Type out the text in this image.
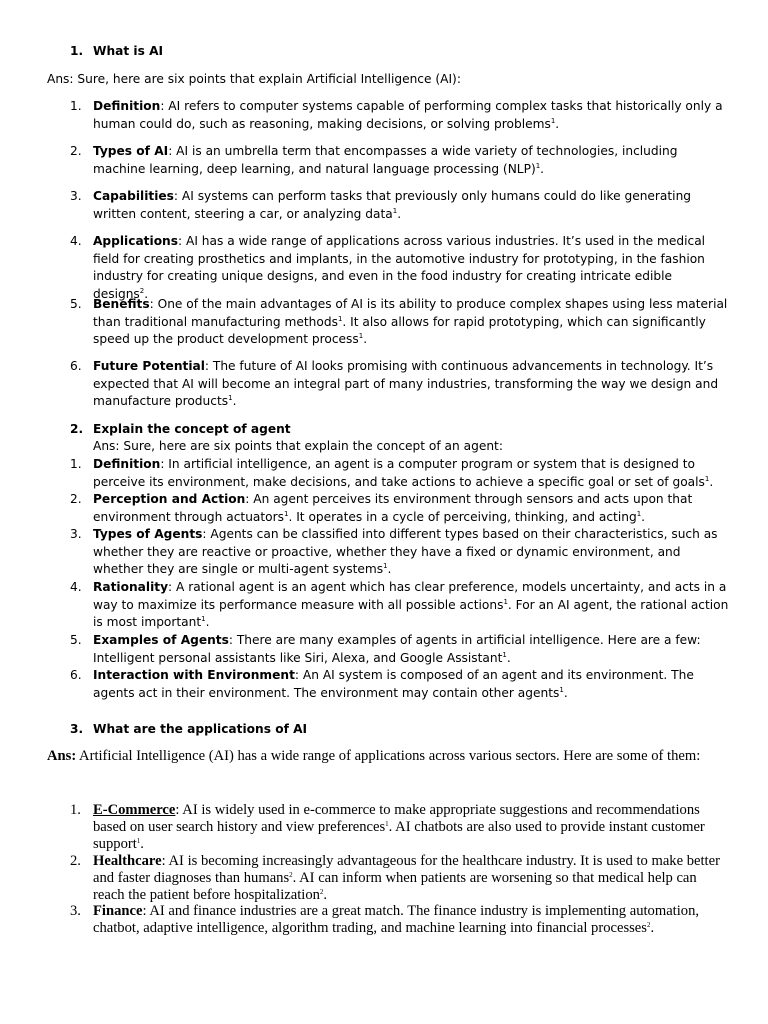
1. What is AI
Ans: Sure, here are six points that explain Artificial Intelligence (AI):
1. Definition: AI refers to computer systems capable of performing complex tasks that historically only a human could do, such as reasoning, making decisions, or solving problems$^1$.
2. Types of AI: AI is an umbrella term that encompasses a wide variety of technologies, including machine learning, deep learning, and natural language processing (NLP)$^1$.
3. Capabilities: AI systems can perform tasks that previously only humans could do like generating written content, steering a car, or analyzing data$^1$.
4. Applications: AI has a wide range of applications across various industries. It’s used in the medical field for creating prosthetics and implants, in the automotive industry for prototyping, in the fashion industry for creating unique designs, and even in the food industry for creating intricate edible designs$^2$.
5. Benefits: One of the main advantages of AI is its ability to produce complex shapes using less material than traditional manufacturing methods$^1$. It also allows for rapid prototyping, which can significantly speed up the product development process$^1$.
6. Future Potential: The future of AI looks promising with continuous advancements in technology. It’s expected that AI will become an integral part of many industries, transforming the way we design and manufacture products$^1$.
2. Explain the concept of agent
Ans: Sure, here are six points that explain the concept of an agent:
1. Definition: In artificial intelligence, an agent is a computer program or system that is designed to perceive its environment, make decisions, and take actions to achieve a specific goal or set of goals$^1$.
2. Perception and Action: An agent perceives its environment through sensors and acts upon that environment through actuators$^1$. It operates in a cycle of perceiving, thinking, and acting$^1$.
3. Types of Agents: Agents can be classified into different types based on their characteristics, such as whether they are reactive or proactive, whether they have a fixed or dynamic environment, and whether they are single or multi-agent systems$^1$.
4. Rationality: A rational agent is an agent which has clear preference, models uncertainty, and acts in a way to maximize its performance measure with all possible actions$^1$. For an AI agent, the rational action is most important$^1$.
5. Examples of Agents: There are many examples of agents in artificial intelligence. Here are a few: Intelligent personal assistants like Siri, Alexa, and Google Assistant$^1$.
6. Interaction with Environment: An AI system is composed of an agent and its environment. The agents act in their environment. The environment may contain other agents$^1$.
3. What are the applications of AI
Ans: Artificial Intelligence (AI) has a wide range of applications across various sectors. Here are some of them:
1. E-Commerce: AI is widely used in e-commerce to make appropriate suggestions and recommendations based on user search history and view preferences$^1$. AI chatbots are also used to provide instant customer support$^1$.
2. Healthcare: AI is becoming increasingly advantageous for the healthcare industry. It is used to make better and faster diagnoses than humans$^2$. AI can inform when patients are worsening so that medical help can reach the patient before hospitalization$^2$.
3. Finance: AI and finance industries are a great match. The finance industry is implementing automation, chatbot, adaptive intelligence, algorithm trading, and machine learning into financial processes$^2$.
